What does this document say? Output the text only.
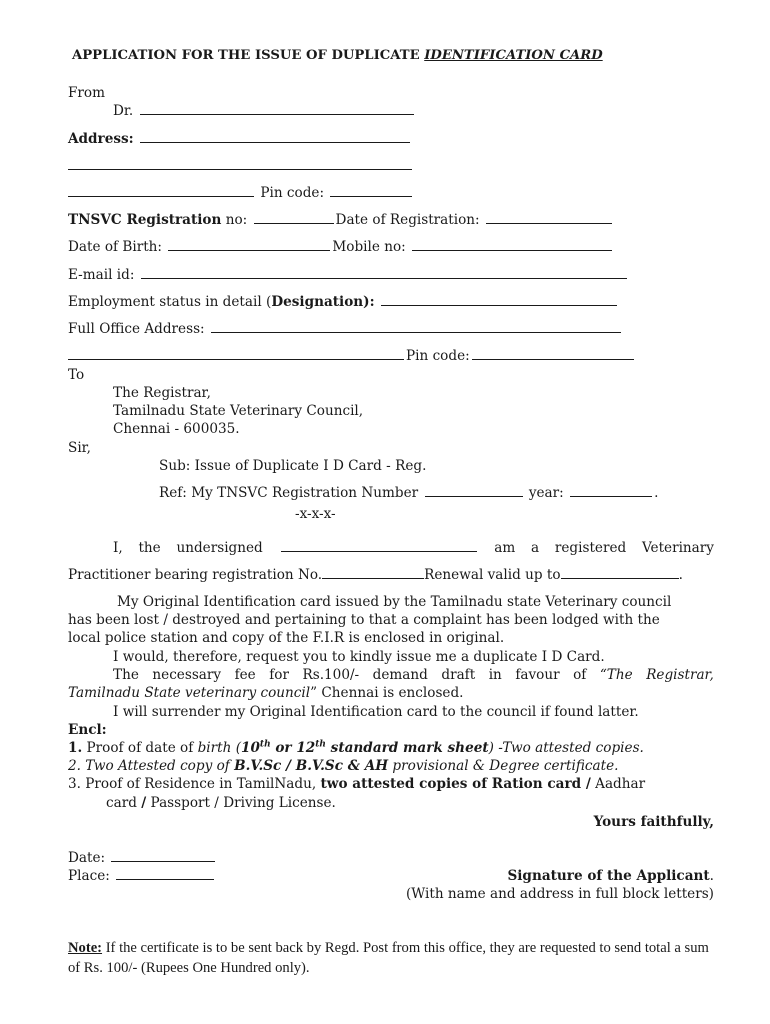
APPLICATION FOR THE ISSUE OF DUPLICATE IDENTIFICATION CARD
From
Dr.
Address:
Pin code:
TNSVC Registration no:	Date of Registration:
Date of Birth:	Mobile no:
E-mail id:
Employment status in detail (Designation):
Full Office Address:
Pin code:
To
The Registrar,
Tamilnadu State Veterinary Council,
Chennai - 600035.
Sir,
Sub: Issue of Duplicate I D Card - Reg.
Ref: My TNSVC Registration Number	year:	.
-x-x-x-
I, the undersigned	am a registered Veterinary
Practitioner bearing registration No.	Renewal valid up to	.
My Original Identification card issued by the Tamilnadu state Veterinary council
has been lost / destroyed and pertaining to that a complaint has been lodged with the
local police station and copy of the F.I.R is enclosed in original.
I would, therefore, request you to kindly issue me a duplicate I D Card.
The necessary fee for Rs.100/- demand draft in favour of “The Registrar,
Tamilnadu State veterinary council” Chennai is enclosed.
I will surrender my Original Identification card to the council if found latter.
Encl:
1. Proof of date of birth (10th or 12th standard mark sheet) -Two attested copies.
2. Two Attested copy of B.V.Sc / B.V.Sc & AH provisional & Degree certificate.
3. Proof of Residence in TamilNadu, two attested copies of Ration card / Aadhar
card / Passport / Driving License.
Yours faithfully,
Date:
Place:	Signature of the Applicant.
(With name and address in full block letters)
Note: If the certificate is to be sent back by Regd. Post from this office, they are requested to send total a sum of Rs. 100/- (Rupees One Hundred only).
